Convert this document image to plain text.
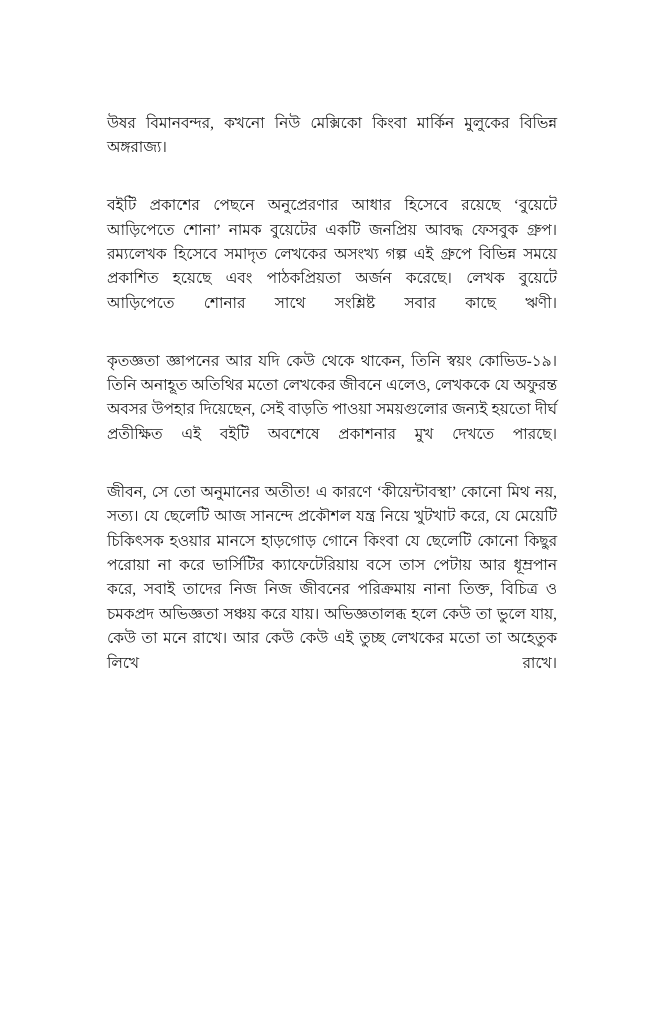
উষর বিমানবন্দর, কখনো নিউ মেক্সিকো কিংবা মার্কিন মুলুকের বিভিন্ন অঙ্গরাজ্য।

বইটি প্রকাশের পেছনে অনুপ্রেরণার আধার হিসেবে রয়েছে ‘বুয়েটে আড়িপেতে শোনা’ নামক বুয়েটের একটি জনপ্রিয় আবদ্ধ ফেসবুক গ্রুপ। রম্যলেখক হিসেবে সমাদৃত লেখকের অসংখ্য গল্প এই গ্রুপে বিভিন্ন সময়ে প্রকাশিত হয়েছে এবং পাঠকপ্রিয়তা অর্জন করেছে। লেখক বুয়েটে আড়িপেতে শোনার সাথে সংশ্লিষ্ট সবার কাছে ঋণী।

কৃতজ্ঞতা জ্ঞাপনের আর যদি কেউ থেকে থাকেন, তিনি স্বয়ং কোভিড-১৯। তিনি অনাহূত অতিথির মতো লেখকের জীবনে এলেও, লেখককে যে অফুরন্ত অবসর উপহার দিয়েছেন, সেই বাড়তি পাওয়া সময়গুলোর জন্যই হয়তো দীর্ঘ প্রতীক্ষিত এই বইটি অবশেষে প্রকাশনার মুখ দেখতে পারছে।

জীবন, সে তো অনুমানের অতীত! এ কারণে ‘কীয়েন্টাবস্থা’ কোনো মিথ নয়, সত্য। যে ছেলেটি আজ সানন্দে প্রকৌশল যন্ত্র নিয়ে খুটখাট করে, যে মেয়েটি চিকিৎসক হওয়ার মানসে হাড়গোড় গোনে কিংবা যে ছেলেটি কোনো কিছুর পরোয়া না করে ভার্সিটির ক্যাফেটেরিয়ায় বসে তাস পেটায় আর ধূম্রপান করে, সবাই তাদের নিজ নিজ জীবনের পরিক্রমায় নানা তিক্ত, বিচিত্র ও চমকপ্রদ অভিজ্ঞতা সঞ্চয় করে যায়। অভিজ্ঞতালব্ধ হলে কেউ তা ভুলে যায়, কেউ তা মনে রাখে। আর কেউ কেউ এই তুচ্ছ লেখকের মতো তা অহেতুক লিখে রাখে।
